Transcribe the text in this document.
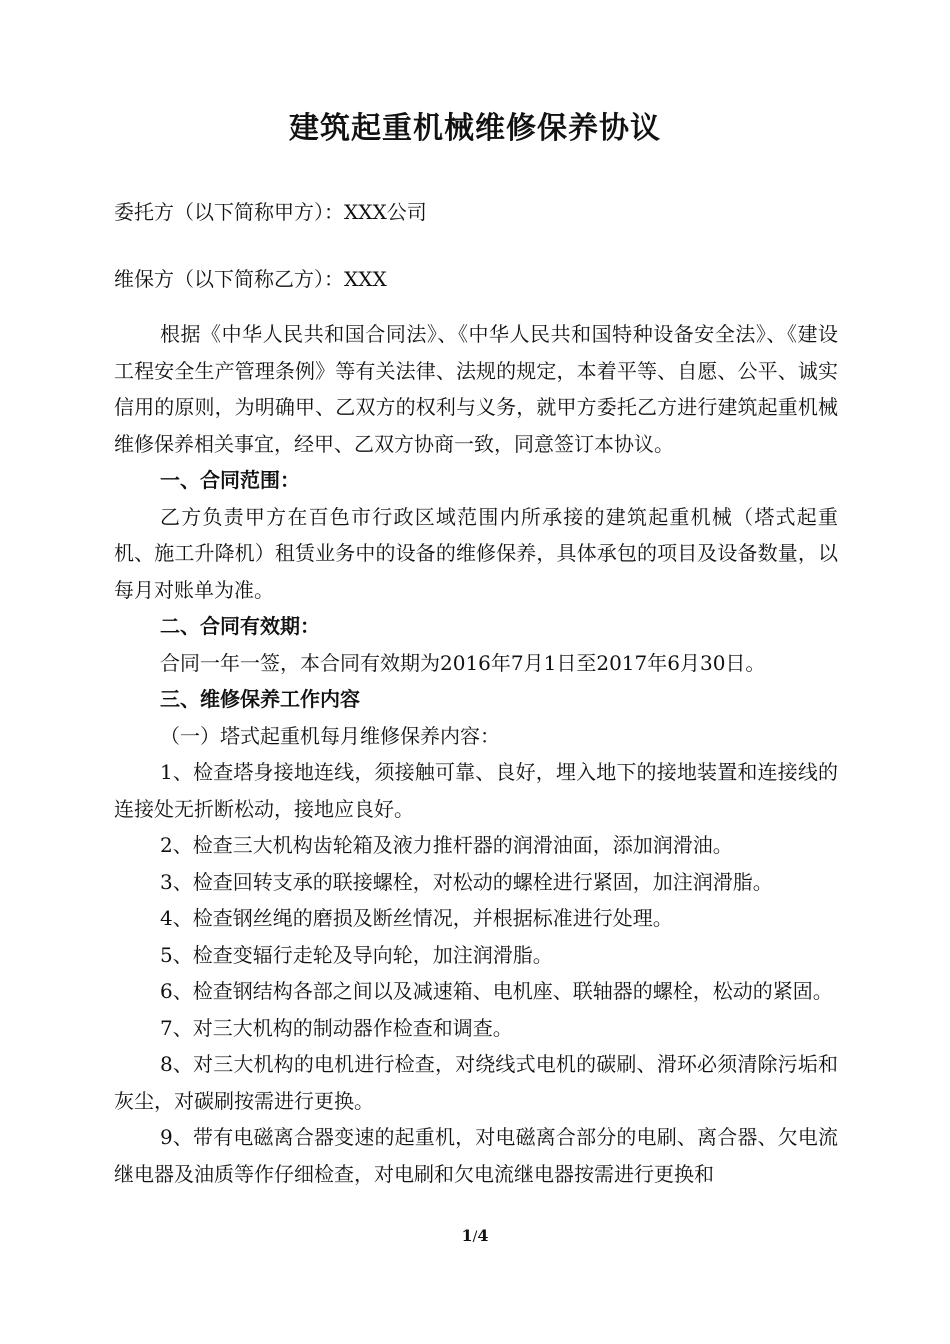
建筑起重机械维修保养协议
委托方（以下简称甲方）：XXX公司
维保方（以下简称乙方）：XXX

根据《中华人民共和国合同法》、《中华人民共和国特种设备安全法》、《建设工程安全生产管理条例》等有关法律、法规的规定，本着平等、自愿、公平、诚实信用的原则，为明确甲、乙双方的权利与义务，就甲方委托乙方进行建筑起重机械维修保养相关事宜，经甲、乙双方协商一致，同意签订本协议。

一、合同范围：

乙方负责甲方在百色市行政区域范围内所承接的建筑起重机械（塔式起重机、施工升降机）租赁业务中的设备的维修保养，具体承包的项目及设备数量，以每月对账单为准。

二、合同有效期：

合同一年一签，本合同有效期为2016年7月1日至2017年6月30日。

三、维修保养工作内容

（一）塔式起重机每月维修保养内容：

1、检查塔身接地连线，须接触可靠、良好，埋入地下的接地装置和连接线的连接处无折断松动，接地应良好。

2、检查三大机构齿轮箱及液力推杆器的润滑油面，添加润滑油。

3、检查回转支承的联接螺栓，对松动的螺栓进行紧固，加注润滑脂。

4、检查钢丝绳的磨损及断丝情况，并根据标准进行处理。

5、检查变辐行走轮及导向轮，加注润滑脂。

6、检查钢结构各部之间以及减速箱、电机座、联轴器的螺栓，松动的紧固。

7、对三大机构的制动器作检查和调查。

8、对三大机构的电机进行检查，对绕线式电机的碳刷、滑环必须清除污垢和灰尘，对碳刷按需进行更换。

9、带有电磁离合器变速的起重机，对电磁离合部分的电刷、离合器、欠电流继电器及油质等作仔细检查，对电刷和欠电流继电器按需进行更换和

1/4
